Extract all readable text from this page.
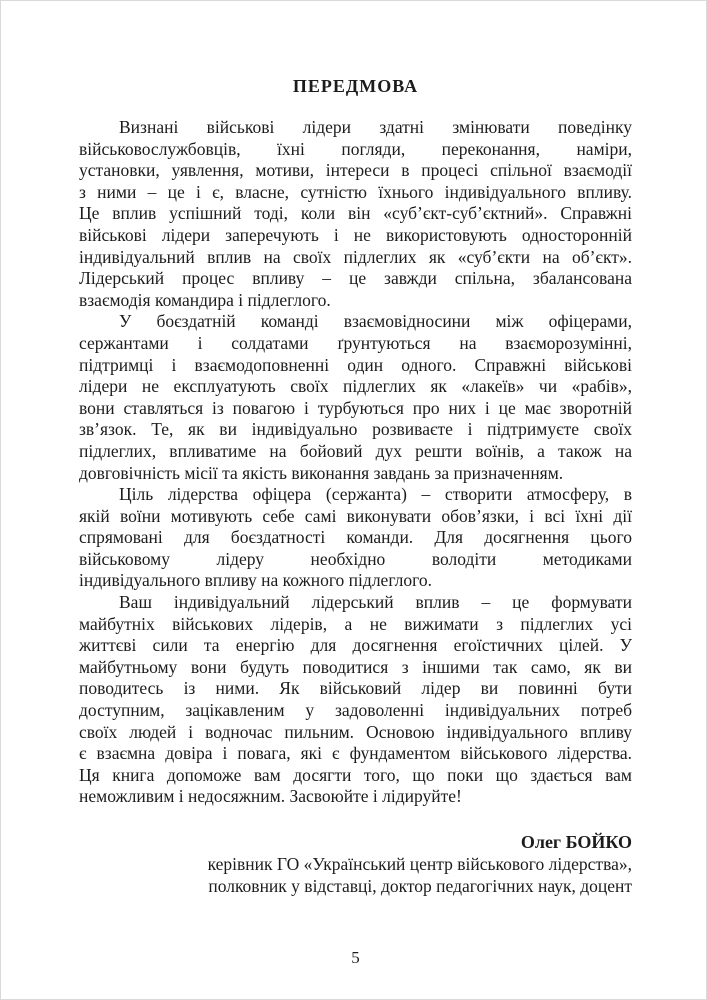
ПЕРЕДМОВА
Визнані військові лідери здатні змінювати поведінку
військовослужбовців, їхні погляди, переконання, наміри,
установки, уявлення, мотиви, інтереси в процесі спільної взаємодії
з ними – це і є, власне, сутністю їхнього індивідуального впливу.
Це вплив успішний тоді, коли він «суб’єкт-суб’єктний». Справжні
військові лідери заперечують і не використовують односторонній
індивідуальний вплив на своїх підлеглих як «суб’єкти на об’єкт».
Лідерський процес впливу – це завжди спільна, збалансована
взаємодія командира і підлеглого.
У боєздатній команді взаємовідносини між офіцерами,
сержантами і солдатами ґрунтуються на взаєморозумінні,
підтримці і взаємодоповненні один одного. Справжні військові
лідери не експлуатують своїх підлеглих як «лакеїв» чи «рабів»,
вони ставляться із повагою і турбуються про них і це має зворотній
зв’язок. Те, як ви індивідуально розвиваєте і підтримуєте своїх
підлеглих, впливатиме на бойовий дух решти воїнів, а також на
довговічність місії та якість виконання завдань за призначенням.
Ціль лідерства офіцера (сержанта) – створити атмосферу, в
якій воїни мотивують себе самі виконувати обов’язки, і всі їхні дії
спрямовані для боєздатності команди. Для досягнення цього
військовому лідеру необхідно володіти методиками
індивідуального впливу на кожного підлеглого.
Ваш індивідуальний лідерський вплив – це формувати
майбутніх військових лідерів, а не вижимати з підлеглих усі
життєві сили та енергію для досягнення егоїстичних цілей. У
майбутньому вони будуть поводитися з іншими так само, як ви
поводитесь із ними. Як військовий лідер ви повинні бути
доступним, зацікавленим у задоволенні індивідуальних потреб
своїх людей і водночас пильним. Основою індивідуального впливу
є взаємна довіра і повага, які є фундаментом військового лідерства.
Ця книга допоможе вам досягти того, що поки що здається вам
неможливим і недосяжним. Засвоюйте і лідируйте!
Олег БОЙКО
керівник ГО «Український центр військового лідерства»,
полковник у відставці, доктор педагогічних наук, доцент
5
